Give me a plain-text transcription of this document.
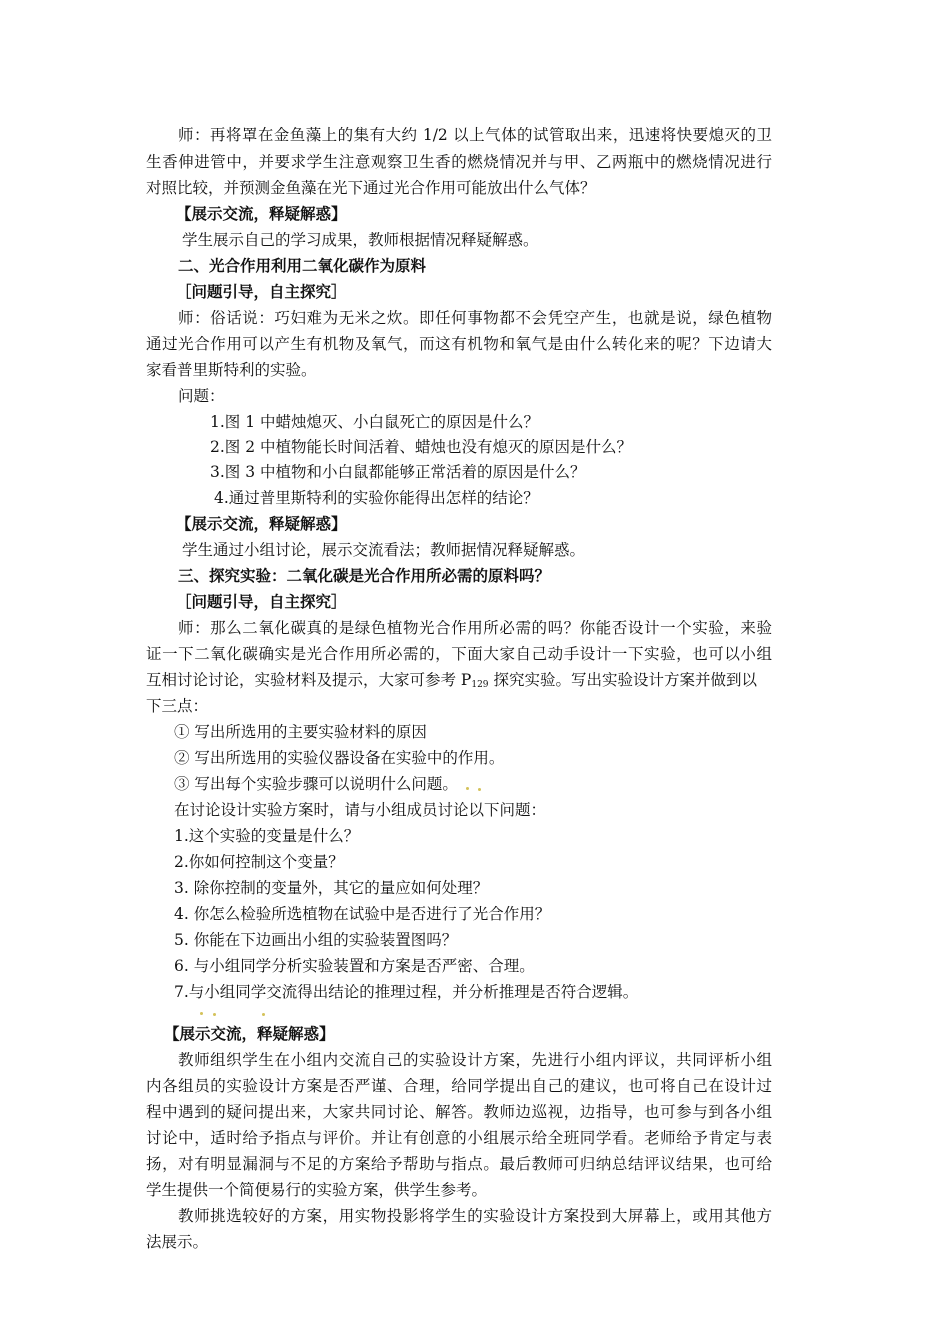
师：再将罩在金鱼藻上的集有大约 1/2 以上气体的试管取出来，迅速将快要熄灭的卫
生香伸进管中，并要求学生注意观察卫生香的燃烧情况并与甲、乙两瓶中的燃烧情况进行
对照比较，并预测金鱼藻在光下通过光合作用可能放出什么气体？
【展示交流，释疑解惑】
学生展示自己的学习成果，教师根据情况释疑解惑。
二、光合作用利用二氧化碳作为原料
［问题引导，自主探究］
师：俗话说：巧妇难为无米之炊。即任何事物都不会凭空产生，也就是说，绿色植物
通过光合作用可以产生有机物及氧气，而这有机物和氧气是由什么转化来的呢？下边请大
家看普里斯特利的实验。
问题：
1.图 1 中蜡烛熄灭、小白鼠死亡的原因是什么？
2.图 2 中植物能长时间活着、蜡烛也没有熄灭的原因是什么？
3.图 3 中植物和小白鼠都能够正常活着的原因是什么？
4.通过普里斯特利的实验你能得出怎样的结论？
【展示交流，释疑解惑】
学生通过小组讨论，展示交流看法；教师据情况释疑解惑。
三、探究实验：二氧化碳是光合作用所必需的原料吗？
［问题引导，自主探究］
师：那么二氧化碳真的是绿色植物光合作用所必需的吗？你能否设计一个实验，来验
证一下二氧化碳确实是光合作用所必需的，下面大家自己动手设计一下实验，也可以小组
互相讨论讨论，实验材料及提示，大家可参考 $P_{129}$ 探究实验。写出实验设计方案并做到以
下三点：
① 写出所选用的主要实验材料的原因
② 写出所选用的实验仪器设备在实验中的作用。
③ 写出每个实验步骤可以说明什么问题。
在讨论设计实验方案时，请与小组成员讨论以下问题：
1.这个实验的变量是什么？
2.你如何控制这个变量？
3. 除你控制的变量外，其它的量应如何处理？
4. 你怎么检验所选植物在试验中是否进行了光合作用？
5. 你能在下边画出小组的实验装置图吗？
6. 与小组同学分析实验装置和方案是否严密、合理。
7.与小组同学交流得出结论的推理过程，并分析推理是否符合逻辑。
【展示交流，释疑解惑】
教师组织学生在小组内交流自己的实验设计方案，先进行小组内评议，共同评析小组
内各组员的实验设计方案是否严谨、合理，给同学提出自己的建议，也可将自己在设计过
程中遇到的疑问提出来，大家共同讨论、解答。教师边巡视，边指导，也可参与到各小组
讨论中，适时给予指点与评价。并让有创意的小组展示给全班同学看。老师给予肯定与表
扬，对有明显漏洞与不足的方案给予帮助与指点。最后教师可归纳总结评议结果，也可给
学生提供一个简便易行的实验方案，供学生参考。
教师挑选较好的方案，用实物投影将学生的实验设计方案投到大屏幕上，或用其他方
法展示。
